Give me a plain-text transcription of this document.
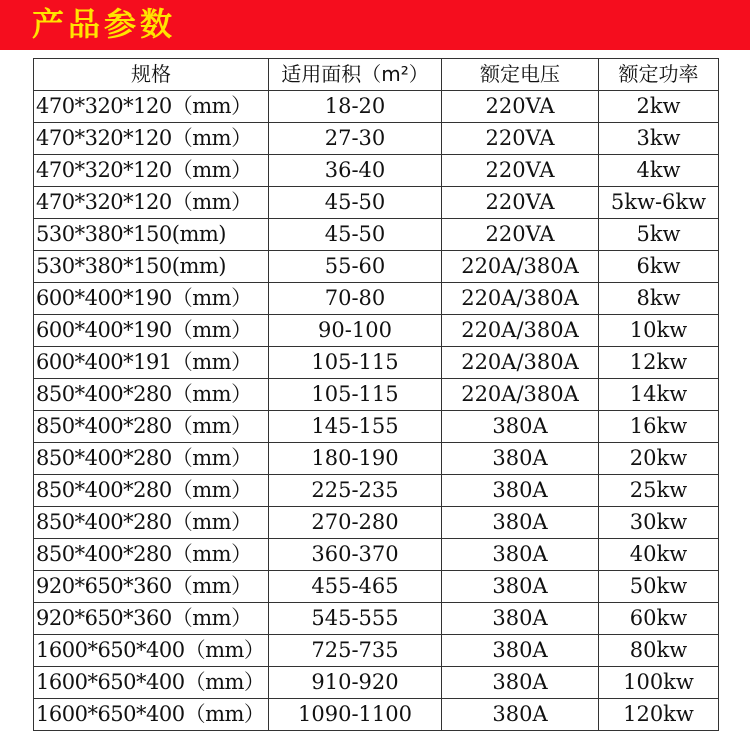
产品参数
规格	适用面积（m²）	额定电压	额定功率
470*320*120（mm）	18-20	220VA	2kw
470*320*120（mm）	27-30	220VA	3kw
470*320*120（mm）	36-40	220VA	4kw
470*320*120（mm）	45-50	220VA	5kw-6kw
530*380*150(mm)	45-50	220VA	5kw
530*380*150(mm)	55-60	220A/380A	6kw
600*400*190（mm）	70-80	220A/380A	8kw
600*400*190（mm）	90-100	220A/380A	10kw
600*400*191（mm）	105-115	220A/380A	12kw
850*400*280（mm）	105-115	220A/380A	14kw
850*400*280（mm）	145-155	380A	16kw
850*400*280（mm）	180-190	380A	20kw
850*400*280（mm）	225-235	380A	25kw
850*400*280（mm）	270-280	380A	30kw
850*400*280（mm）	360-370	380A	40kw
920*650*360（mm）	455-465	380A	50kw
920*650*360（mm）	545-555	380A	60kw
1600*650*400（mm）	725-735	380A	80kw
1600*650*400（mm）	910-920	380A	100kw
1600*650*400（mm）	1090-1100	380A	120kw
